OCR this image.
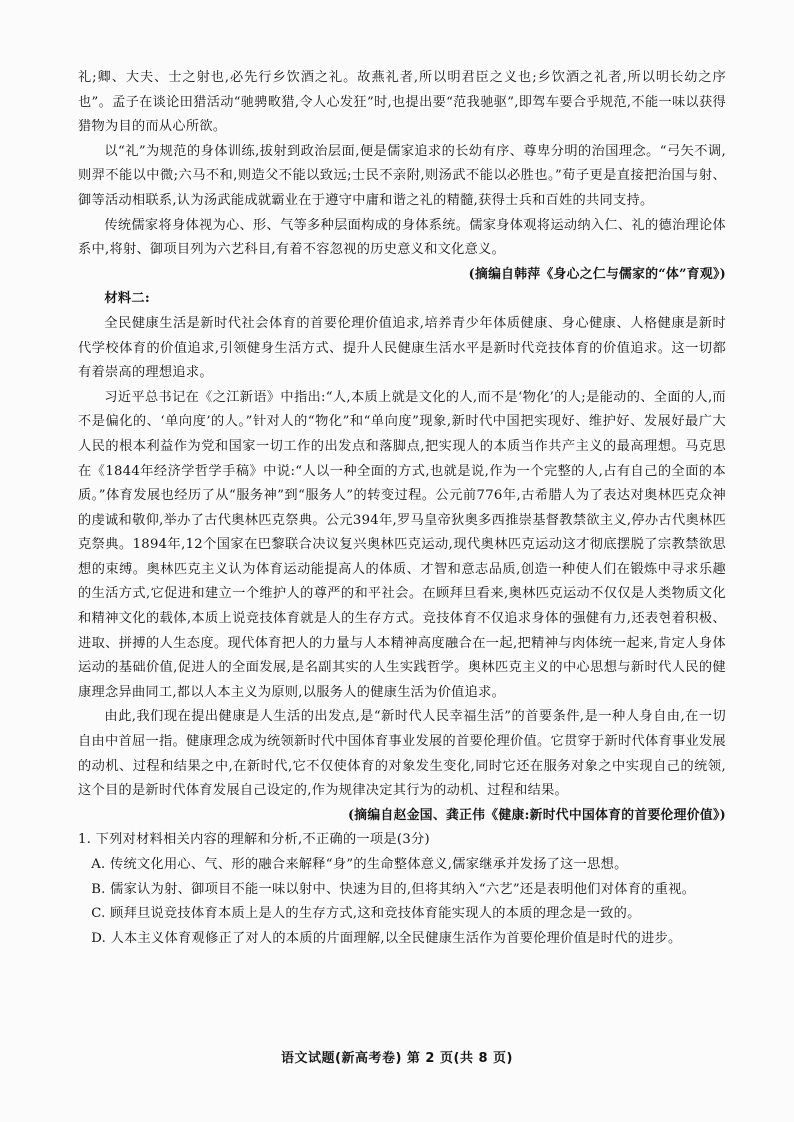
礼;卿、大夫、士之射也,必先行乡饮酒之礼。故燕礼者,所以明君臣之义也;乡饮酒之礼者,所以明长幼之序也”。孟子在谈论田猎活动“驰骋畋猎,令人心发狂”时,也提出要“范我驰驱”,即驾车要合乎规范,不能一味以获得猎物为目的而从心所欲。

以“礼”为规范的身体训练,拔射到政治层面,便是儒家追求的长幼有序、尊卑分明的治国理念。“弓矢不调,则羿不能以中微;六马不和,则造父不能以致远;士民不亲附,则汤武不能以必胜也。”荀子更是直接把治国与射、御等活动相联系,认为汤武能成就霸业在于遵守中庸和谐之礼的精髓,获得士兵和百姓的共同支持。

传统儒家将身体视为心、形、气等多种层面构成的身体系统。儒家身体观将运动纳入仁、礼的德治理论体系中,将射、御项目列为六艺科目,有着不容忽视的历史意义和文化意义。

(摘编自韩萍《身心之仁与儒家的“体”育观》)

材料二:

全民健康生活是新时代社会体育的首要伦理价值追求,培养青少年体质健康、身心健康、人格健康是新时代学校体育的价值追求,引领健身生活方式、提升人民健康生活水平是新时代竞技体育的价值追求。这一切都有着崇高的理想追求。

习近平总书记在《之江新语》中指出:“人,本质上就是文化的人,而不是‘物化’的人;是能动的、全面的人,而不是偏化的、‘单向度’的人。”针对人的“物化”和“单向度”现象,新时代中国把实现好、维护好、发展好最广大人民的根本利益作为党和国家一切工作的出发点和落脚点,把实现人的本质当作共产主义的最高理想。马克思在《1844年经济学哲学手稿》中说:“人以一种全面的方式,也就是说,作为一个完整的人,占有自己的全面的本质。”体育发展也经历了从“服务神”到“服务人”的转变过程。公元前776年,古希腊人为了表达对奥林匹克众神的虔诚和敬仰,举办了古代奥林匹克祭典。公元394年,罗马皇帝狄奥多西推崇基督教禁欲主义,停办古代奥林匹克祭典。1894年,12个国家在巴黎联合决议复兴奥林匹克运动,现代奥林匹克运动这才彻底摆脱了宗教禁欲思想的束缚。奥林匹克主义认为体育运动能提高人的体质、才智和意志品质,创造一种使人们在锻炼中寻求乐趣的生活方式,它促进和建立一个维护人的尊严的和平社会。在顾拜旦看来,奥林匹克运动不仅仅是人类物质文化和精神文化的载体,本质上说竞技体育就是人的生存方式。竞技体育不仅追求身体的强健有力,还表현着积极、进取、拼搏的人生态度。现代体育把人的力量与人本精神高度融合在一起,把精神与肉体统一起来,肯定人身体运动的基础价值,促进人的全面发展,是名副其实的人生实践哲学。奥林匹克主义的中心思想与新时代人民的健康理念异曲同工,都以人本主义为原则,以服务人的健康生活为价值追求。

由此,我们现在提出健康是人生活的出发点,是“新时代人民幸福生活”的首要条件,是一种人身自由,在一切自由中首屈一指。健康理念成为统领新时代中国体育事业发展的首要伦理价值。它贯穿于新时代体育事业发展的动机、过程和结果之中,在新时代,它不仅使体育的对象发生变化,同时它还在服务对象之中实现自己的统领,这个目的是新时代体育发展自己设定的,作为规律决定其行为的动机、过程和结果。

(摘编自赵金国、龚正伟《健康:新时代中国体育的首要伦理价值》)

1. 下列对材料相关内容的理解和分析,不正确的一项是(3分)

A. 传统文化用心、气、形的融合来解释“身”的生命整体意义,儒家继承并发扬了这一思想。

B. 儒家认为射、御项目不能一味以射中、快速为目的,但将其纳入“六艺”还是表明他们对体育的重视。

C. 顾拜旦说竞技体育本质上是人的生存方式,这和竞技体育能实现人的本质的理念是一致的。

D. 人本主义体育观修正了对人的本质的片面理解,以全民健康生活作为首要伦理价值是时代的进步。

语文试题(新高考卷) 第 2 页(共 8 页)
